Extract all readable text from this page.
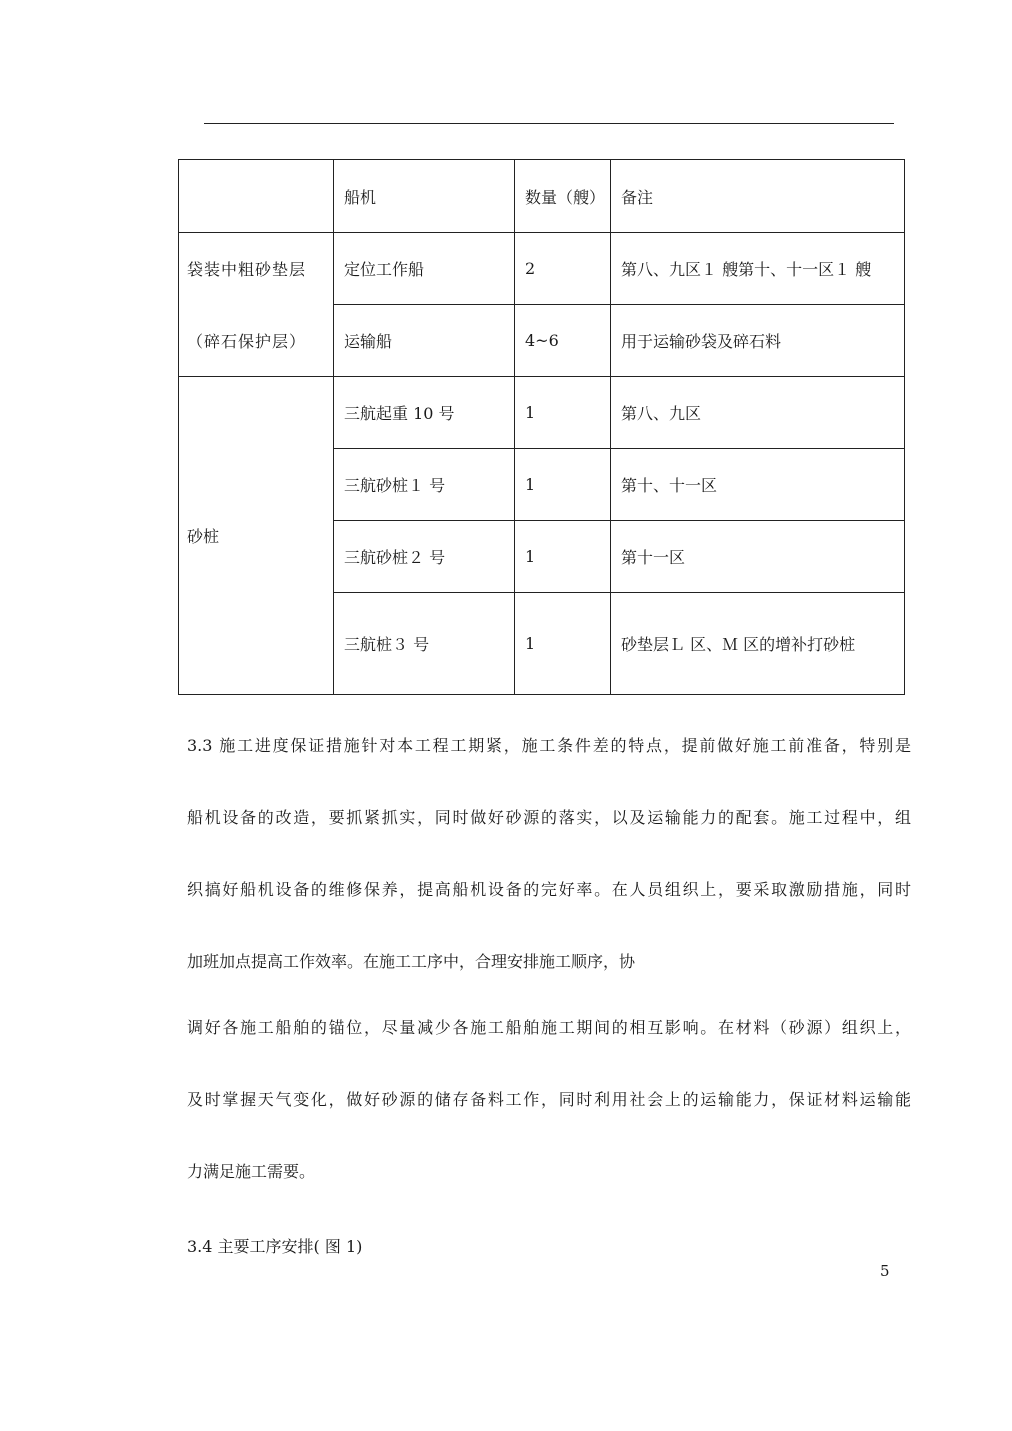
	船机	数量（艘）	备注

袋装中粗砂垫层	定位工作船	2	第八、九区１ 艘第十、十一区１ 艘

（碎石保护层）	运输船	4~6	用于运输砂袋及碎石料
砂桩	三航起重 10 号	1	第八、九区
	三航砂桩１ 号	1	第十、十一区
	三航砂桩２ 号	1	第十一区
	三航桩３ 号	1	砂垫层Ｌ 区、Ｍ 区的增补打砂桩
3.3 施工进度保证措施针对本工程工期紧，施工条件差的特点，提前做好施工前准备，特别是
船机设备的改造，要抓紧抓实，同时做好砂源的落实，以及运输能力的配套。施工过程中，组
织搞好船机设备的维修保养，提高船机设备的完好率。在人员组织上，要采取激励措施，同时
加班加点提高工作效率。在施工工序中，合理安排施工顺序，协
调好各施工船舶的锚位，尽量减少各施工船舶施工期间的相互影响。在材料（砂源）组织上，
及时掌握天气变化，做好砂源的储存备料工作，同时利用社会上的运输能力，保证材料运输能
力满足施工需要。

3.4 主要工序安排( 图 1)

5
